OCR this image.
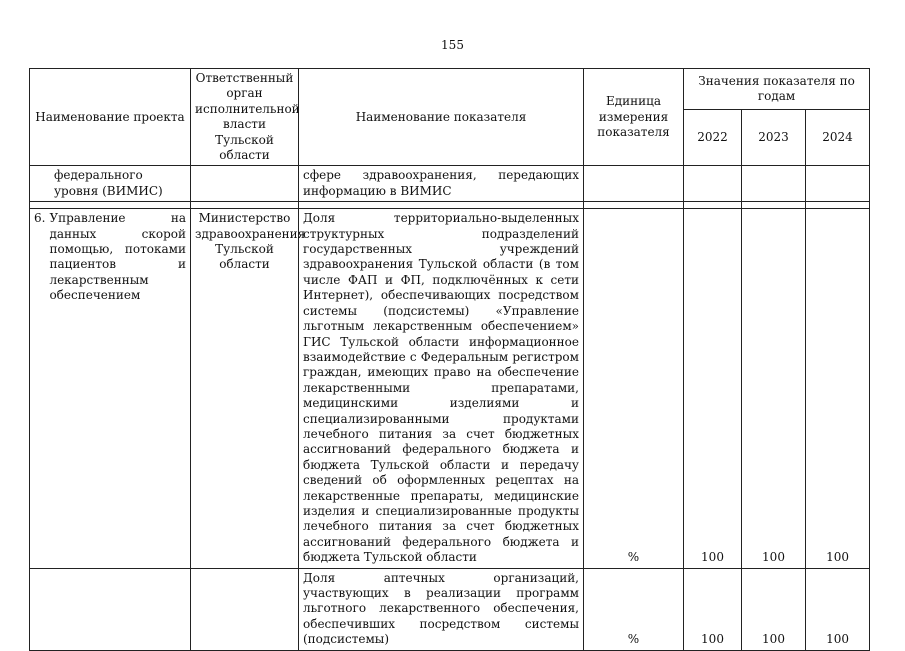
155
Наименование проекта	Ответственный орган исполнительной власти Тульской области	Наименование показателя	Единица измерения показателя	Значения показателя по годам		
				2022	2023	2024
федерального уровня (ВИМИС)		сфере здравоохранения, передающих информацию в ВИМИС				

6. Управление на данных скорой помощью, потоками пациентов и лекарственным обеспечением	Министерство здравоохранения Тульской области	Доля территориально-выделенных структурных подразделений государственных учреждений здравоохранения Тульской области (в том числе ФАП и ФП, подключённых к сети Интернет), обеспечивающих посредством системы (подсистемы) «Управление льготным лекарственным обеспечением» ГИС Тульской области информационное взаимодействие с Федеральным регистром граждан, имеющих право на обеспечение лекарственными препаратами, медицинскими изделиями и специализированными продуктами лечебного питания за счет бюджетных ассигнований федерального бюджета и бюджета Тульской области и передачу сведений об оформленных рецептах на лекарственные препараты, медицинские изделия и специализированные продукты лечебного питания за счет бюджетных ассигнований федерального бюджета и бюджета Тульской области	%	100	100	100
		Доля аптечных организаций, участвующих в реализации программ льготного лекарственного обеспечения, обеспечивших посредством системы (подсистемы)	%	100	100	100
